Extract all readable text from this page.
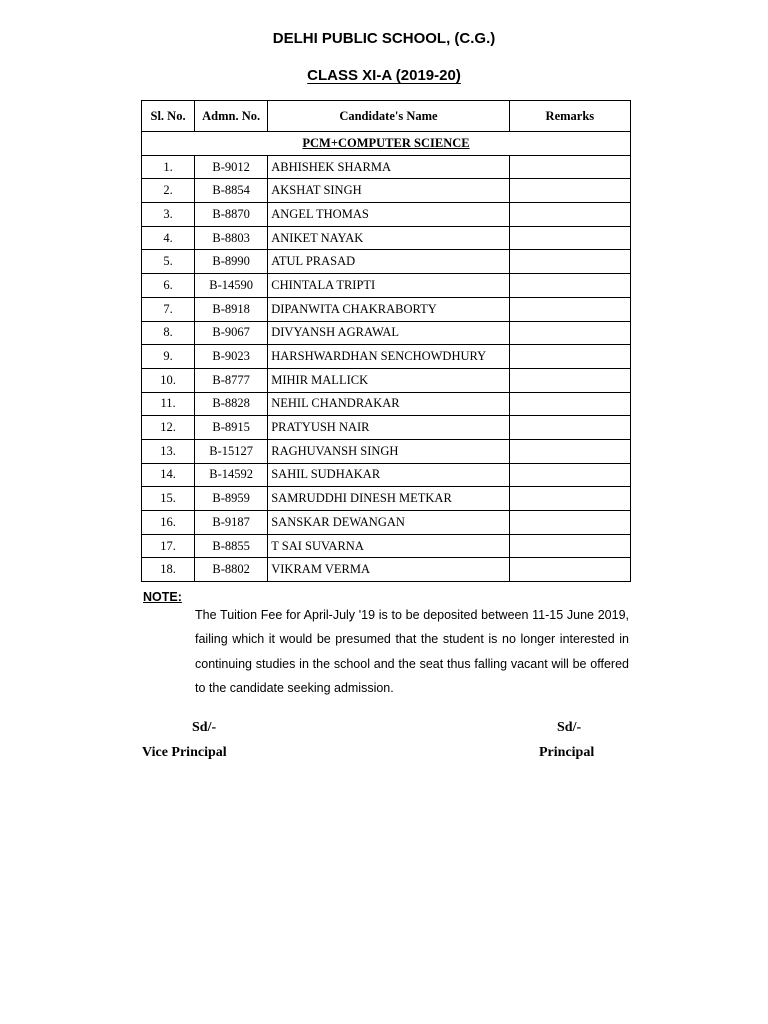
DELHI PUBLIC SCHOOL, (C.G.)
CLASS XI-A (2019-20)
Sl. No.	Admn. No.	Candidate's Name	Remarks
PCM+COMPUTER SCIENCE			
1.	B-9012	ABHISHEK SHARMA	
2.	B-8854	AKSHAT SINGH	
3.	B-8870	ANGEL THOMAS	
4.	B-8803	ANIKET NAYAK	
5.	B-8990	ATUL PRASAD	
6.	B-14590	CHINTALA TRIPTI	
7.	B-8918	DIPANWITA CHAKRABORTY	
8.	B-9067	DIVYANSH AGRAWAL	
9.	B-9023	HARSHWARDHAN SENCHOWDHURY	
10.	B-8777	MIHIR MALLICK	
11.	B-8828	NEHIL CHANDRAKAR	
12.	B-8915	PRATYUSH NAIR	
13.	B-15127	RAGHUVANSH SINGH	
14.	B-14592	SAHIL SUDHAKAR	
15.	B-8959	SAMRUDDHI DINESH METKAR	
16.	B-9187	SANSKAR DEWANGAN	
17.	B-8855	T SAI SUVARNA	
18.	B-8802	VIKRAM VERMA	
NOTE:
The Tuition Fee for April-July '19 is to be deposited between 11-15 June 2019, failing which it would be presumed that the student is no longer interested in continuing studies in the school and the seat thus falling vacant will be offered to the candidate seeking admission.
Sd/-
Vice Principal
Sd/-
Principal
